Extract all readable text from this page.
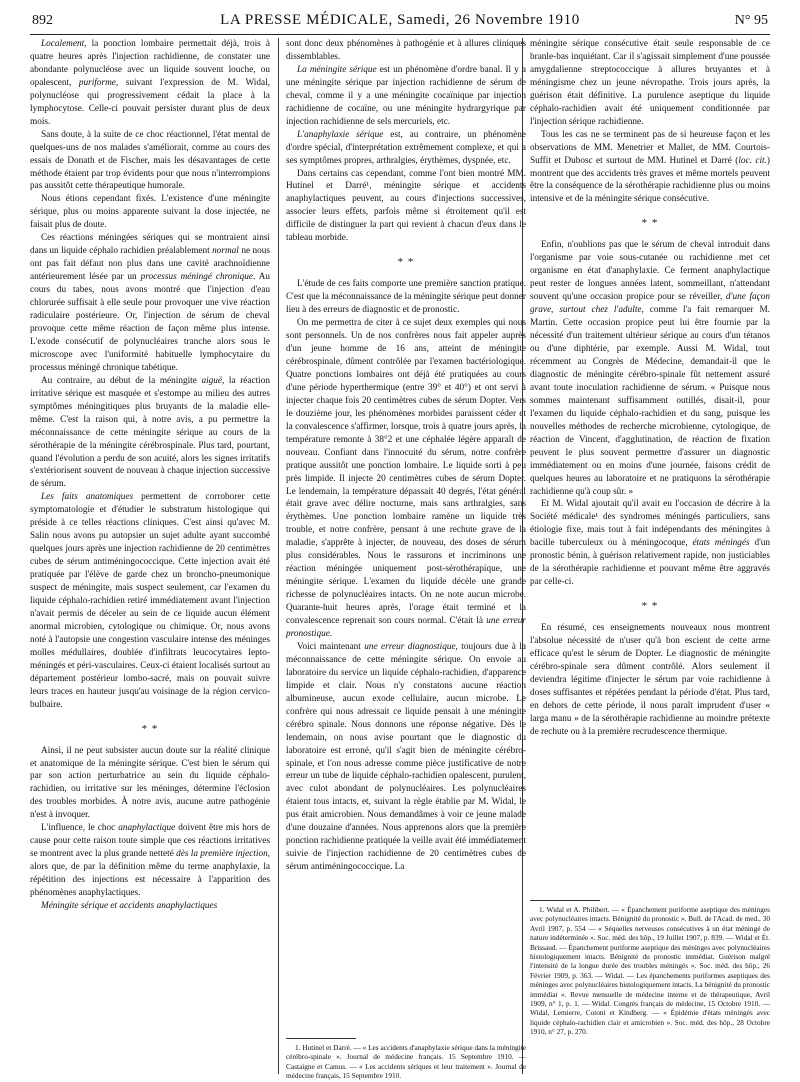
892	LA PRESSE MÉDICALE, Samedi, 26 Novembre 1910	N° 95

Localement, la ponction lombaire permettait déjà, trois à quatre heures après l'injection rachidienne, de constater une abondante polynucléose avec un liquide souvent louche, ou opalescent, puriforme, suivant l'expression de M. Widal, polynucléose qui progressivement cédait la place à la lymphocytose. Celle-ci pouvait persister durant plus de deux mois.

Sans doute, à la suite de ce choc réactionnel, l'état mental de quelques-uns de nos malades s'améliorait, comme au cours des essais de Donath et de Fischer, mais les désavantages de cette méthode étaient par trop évidents pour que nous n'interrompions pas aussitôt cette thérapeutique humorale.

Nous étions cependant fixés. L'existence d'une méningite sérique, plus ou moins apparente suivant la dose injectée, ne faisait plus de doute.

Ces réactions méningées sériques qui se montraient ainsi dans un liquide céphalo rachidien préalablement normal ne nous ont pas fait défaut non plus dans une cavité arachnoïdienne antérieurement lésée par un processus méningé chronique. Au cours du tabes, nous avons montré que l'injection d'eau chlorurée suffisait à elle seule pour provoquer une vive réaction radiculaire postérieure. Or, l'injection de sérum de cheval provoque cette même réaction de façon même plus intense. L'exode consécutif de polynucléaires tranche alors sous le microscope avec l'uniformité habituelle lymphocytaire du processus méningé chronique tabétique.

Au contraire, au début de la méningite aiguë, la réaction irritative sérique est masquée et s'estompe au milieu des autres symptômes méningitiques plus bruyants de la maladie elle-même. C'est la raison qui, à notre avis, a pu permettre la méconnaissance de cette méningite sérique au cours de la sérothérapie de la méningite cérébrospinale. Plus tard, pourtant, quand l'évolution a perdu de son acuité, alors les signes irritatifs s'extériorisent souvent de nouveau à chaque injection successive de sérum.

Les faits anatomiques permettent de corroborer cette symptomatologie et d'étudier le substratum histologique qui préside à ce telles réactions cliniques. C'est ainsi qu'avec M. Salin nous avons pu autopsier un sujet adulte ayant succombé quelques jours après une injection rachidienne de 20 centimètres cubes de sérum antiméningococcique. Cette injection avait été pratiquée par l'élève de garde chez un broncho-pneumonique suspect de méningite, mais suspect seulement, car l'examen du liquide céphalo-rachidien retiré immédiatement avant l'injection n'avait permis de déceler au sein de ce liquide aucun élément anormal microbien, cytologique ou chimique. Or, nous avons noté à l'autopsie une congestion vasculaire intense des méninges molles médullaires, doublée d'infiltrats leucocytaires lepto-méningés et péri-vasculaires. Ceux-ci étaient localisés surtout au département postérieur lombo-sacré, mais on pouvait suivre leurs traces en hauteur jusqu'au voisinage de la région cervico-bulbaire.

* *

Ainsi, il ne peut subsister aucun doute sur la réalité clinique et anatomique de la méningite sérique. C'est bien le sérum qui par son action perturbatrice au sein du liquide céphalo-rachidien, ou irritative sur les méninges, détermine l'éclosion des troubles morbides. À notre avis, aucune autre pathogénie n'est à invoquer.

L'influence, le choc anaphylactique doivent être mis hors de cause pour cette raison toute simple que ces réactions irritatives se montrent avec la plus grande netteté dès la première injection, alors que, de par la définition même du terme anaphylaxie, la répétition des injections est nécessaire à l'apparition des phénomènes anaphylactiques.

Méningite sérique et accidents anaphylactiques

sont donc deux phénomènes à pathogénie et à allures cliniques dissemblables.

La méningite sérique est un phénomène d'ordre banal. Il y a une méningite sérique par injection rachidienne de sérum de cheval, comme il y a une méningite cocaïnique par injection rachidienne de cocaïne, ou une méningite hydrargyrique par injection rachidienne de sels mercuriels, etc.

L'anaphylaxie sérique est, au contraire, un phénomène d'ordre spécial, d'interprétation extrêmement complexe, et qui a ses symptômes propres, arthralgies, érythèmes, dyspnée, etc.

Dans certains cas cependant, comme l'ont bien montré MM. Hutinel et Darré¹, méningite sérique et accidents anaphylactiques peuvent, au cours d'injections successives, associer leurs effets, parfois même si étroitement qu'il est difficile de distinguer la part qui revient à chacun d'eux dans le tableau morbide.

* *

L'étude de ces faits comporte une première sanction pratique. C'est que la méconnaissance de la méningite sérique peut donner lieu à des erreurs de diagnostic et de pronostic.

On me permettra de citer à ce sujet deux exemples qui nous sont personnels. Un de nos confrères nous fait appeler auprès d'un jeune homme de 16 ans, atteint de méningite cérébrospinale, dûment contrôlée par l'examen bactériologique. Quatre ponctions lombaires ont déjà été pratiquées au cours d'une période hyperthermique (entre 39° et 40°) et ont servi à injecter chaque fois 20 centimètres cubes de sérum Dopter. Vers le douzième jour, les phénomènes morbides paraissent céder et la convalescence s'affirmer, lorsque, trois à quatre jours après, la température remonte à 38°2 et une céphalée légère apparaît de nouveau. Confiant dans l'innocuité du sérum, notre confrère pratique aussitôt une ponction lombaire. Le liquide sorti à peu près limpide. Il injecte 20 centimètres cubes de sérum Dopter. Le lendemain, la température dépassait 40 degrés, l'état général était grave avec délire nocturne, mais sans arthralgies, sans érythèmes. Une ponction lombaire ramène un liquide très trouble, et notre confrère, pensant à une rechute grave de la maladie, s'apprête à injecter, de nouveau, des doses de sérum plus considérables. Nous le rassurons et incriminons une réaction méningée uniquement post-sérothérapique, une méningite sérique. L'examen du liquide décèle une grande richesse de polynucléaires intacts. On ne note aucun microbe. Quarante-huit heures après, l'orage était terminé et la convalescence reprenait son cours normal. C'était là une erreur pronostique.

Voici maintenant une erreur diagnostique, toujours due à la méconnaissance de cette méningite sérique. On envoie au laboratoire du service un liquide céphalo-rachidien, d'apparence limpide et clair. Nous n'y constatons aucune réaction albumineuse, aucun exode cellulaire, aucun microbe. Le confrère qui nous adressait ce liquide pensait à une méningite cérébro spinale. Nous donnons une réponse négative. Dès le lendemain, on nous avise pourtant que le diagnostic du laboratoire est erroné, qu'il s'agit bien de méningite cérébro-spinale, et l'on nous adresse comme pièce justificative de notre erreur un tube de liquide céphalo-rachidien opalescent, purulent, avec culot abondant de polynucléaires. Les polynucléaires étaient tous intacts, et, suivant la règle établie par M. Widal, le pus était amicrobien. Nous demandâmes à voir ce jeune malade d'une douzaine d'années. Nous apprenons alors que la première ponction rachidienne pratiquée la veille avait été immédiatement suivie de l'injection rachidienne de 20 centimètres cubes de sérum antiméningococcique. La

1. Hutinel et Darré. — « Les accidents d'anaphylaxie sérique dans la méningite cérébro-spinale ». Journal de médecine français. 15 Septembre 1910. — Castaigne et Camus. — « Les accidents sériques et leur traitement ». Journal de médecine français, 15 Septembre 1910.

méningite sérique consécutive était seule responsable de ce branle-bas inquiétant. Car il s'agissait simplement d'une poussée amygdalienne streptococcique à allures bruyantes et à méningisme chez un jeune névropathe. Trois jours après, la guérison était définitive. La purulence aseptique du liquide céphalo-rachidien avait été uniquement conditionnée par l'injection sérique rachidienne.

Tous les cas ne se terminent pas de si heureuse façon et les observations de MM. Menetrier et Mallet, de MM. Courtois-Suffit et Dubosc et surtout de MM. Hutinel et Darré (loc. cit.) montrent que des accidents très graves et même mortels peuvent être la conséquence de la sérothérapie rachidienne plus ou moins intensive et de la méningite sérique consécutive.

* *

Enfin, n'oublions pas que le sérum de cheval introduit dans l'organisme par voie sous-cutanée ou rachidienne met cet organisme en état d'anaphylaxie. Ce ferment anaphylactique peut rester de longues années latent, sommeillant, n'attendant souvent qu'une occasion propice pour se réveiller, d'une façon grave, surtout chez l'adulte, comme l'a fait remarquer M. Martin. Cette occasion propice peut lui être fournie par la nécessité d'un traitement ultérieur sérique au cours d'un tétanos ou d'une diphtérie, par exemple. Aussi M. Widal, tout récemment au Congrès de Médecine, demandait-il que le diagnostic de méningite cérébro-spinale fût nettement assuré avant toute inoculation rachidienne de sérum. « Puisque nous sommes maintenant suffisamment outillés, disait-il, pour l'examen du liquide céphalo-rachidien et du sang, puisque les nouvelles méthodes de recherche microbienne, cytologique, de réaction de Vincent, d'agglutination, de réaction de fixation peuvent le plus souvent permettre d'assurer un diagnostic immédiatement ou en moins d'une journée, faisons crédit de quelques heures au laboratoire et ne pratiquons la sérothérapie rachidienne qu'à coup sûr. »

Et M. Widal ajoutait qu'il avait eu l'occasion de décrire à la Société médicale¹ des syndromes méningés particuliers, sans étiologie fixe, mais tout à fait indépendants des méningites à bacille tuberculeux ou à méningocoque, états méningés d'un pronostic bénin, à guérison relativement rapide, non justiciables de la sérothérapie rachidienne et pouvant même être aggravés par celle-ci.

* *

En résumé, ces enseignements nouveaux nous montrent l'absolue nécessité de n'user qu'à bon escient de cette arme efficace qu'est le sérum de Dopter. Le diagnostic de méningite cérébro-spinale sera dûment contrôlé. Alors seulement il deviendra légitime d'injecter le sérum par voie rachidienne à doses suffisantes et répétées pendant la période d'état. Plus tard, en dehors de cette période, il nous paraît imprudent d'user « larga manu » de la sérothérapie rachidienne au moindre prétexte de rechute ou à la première recrudescence thermique.

1. Widal et A. Philibert. — « Épanchement puriforme aseptique des méninges avec polynucléaires intacts. Bénignité du pronostic ». Bull. de l'Acad. de med., 30 Avril 1907, p. 554 — « Séquelles nerveuses consécutives à un état méningé de nature indéterminée ». Soc. méd. des hôp., 19 Juillet 1907, p. 839. — Widal et Ét. Brissaud. — Épanchement puriforme aseptique des méninges avec polynucléaires histologiquement intacts. Bénignité du pronostic immédiat. Guérison malgré l'intensité de la longue durée des troubles méningés ». Soc. méd. des hôp., 26 Février 1909, p. 363. — Widal. — Les épanchements puriformes aseptiques des méninges avec polynucléaires histologiquement intacts. La bénignité du pronostic immédiat ». Revue mensuelle de médecine interne et de thérapeutique, Avril 1909, n° 1, p. 1. — Widal. Congrès français de médecine, 15 Octobre 1910. — Widal, Lemierre, Cotoni et Kindberg. — « Épidémie d'états méningés avec liquide céphalo-rachidien clair et amicrobien ». Soc. méd. des hôp., 28 Octobre 1910, n° 27, p. 270.
